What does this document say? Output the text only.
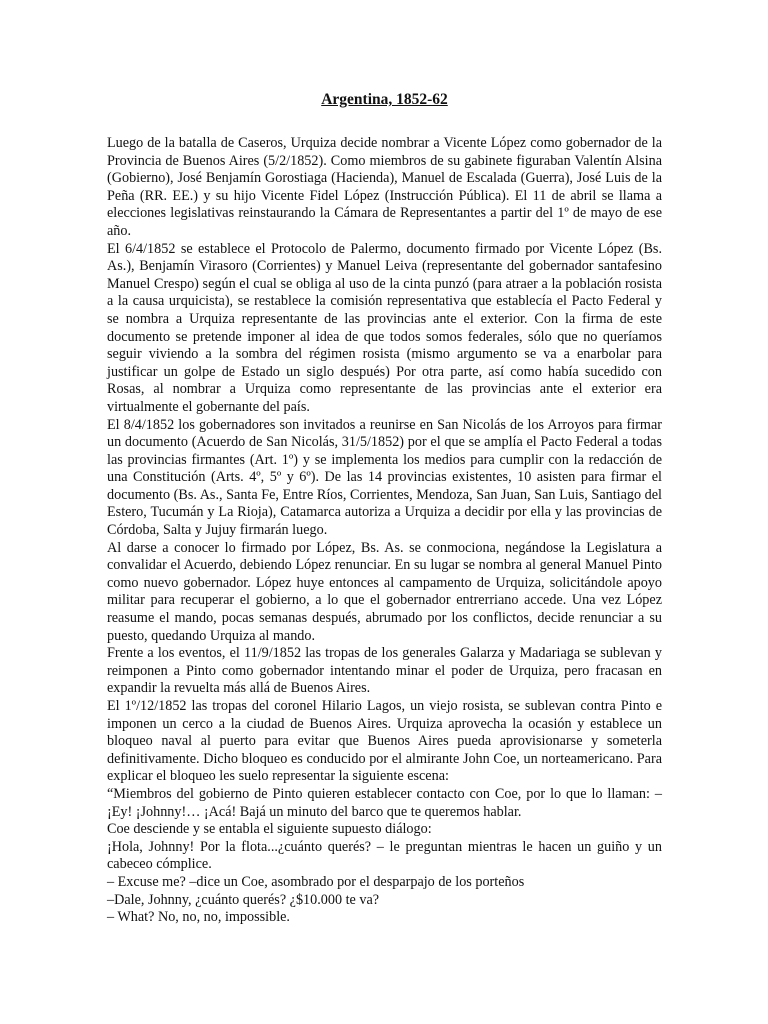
Argentina, 1852-62

Luego de la batalla de Caseros, Urquiza decide nombrar a Vicente López como gobernador de la Provincia de Buenos Aires (5/2/1852). Como miembros de su gabinete figuraban Valentín Alsina (Gobierno), José Benjamín Gorostiaga (Hacienda), Manuel de Escalada (Guerra), José Luis de la Peña (RR. EE.) y su hijo Vicente Fidel López (Instrucción Pública). El 11 de abril se llama a elecciones legislativas reinstaurando la Cámara de Representantes a partir del 1º de mayo de ese año.

El 6/4/1852 se establece el Protocolo de Palermo, documento firmado por Vicente López (Bs. As.), Benjamín Virasoro (Corrientes) y Manuel Leiva (representante del gobernador santafesino Manuel Crespo) según el cual se obliga al uso de la cinta punzó (para atraer a la población rosista a la causa urquicista), se restablece la comisión representativa que establecía el Pacto Federal y se nombra a Urquiza representante de las provincias ante el exterior. Con la firma de este documento se pretende imponer al idea de que todos somos federales, sólo que no queríamos seguir viviendo a la sombra del régimen rosista (mismo argumento se va a enarbolar para justificar un golpe de Estado un siglo después) Por otra parte, así como había sucedido con Rosas, al nombrar a Urquiza como representante de las provincias ante el exterior era virtualmente el gobernante del país.

El 8/4/1852 los gobernadores son invitados a reunirse en San Nicolás de los Arroyos para firmar un documento (Acuerdo de San Nicolás, 31/5/1852) por el que se amplía el Pacto Federal a todas las provincias firmantes (Art. 1º) y se implementa los medios para cumplir con la redacción de una Constitución (Arts. 4º, 5º y 6º). De las 14 provincias existentes, 10 asisten para firmar el documento (Bs. As., Santa Fe, Entre Ríos, Corrientes, Mendoza, San Juan, San Luis, Santiago del Estero, Tucumán y La Rioja), Catamarca autoriza a Urquiza a decidir por ella y las provincias de Córdoba, Salta y Jujuy firmarán luego.

Al darse a conocer lo firmado por López, Bs. As. se conmociona, negándose la Legislatura a convalidar el Acuerdo, debiendo López renunciar. En su lugar se nombra al general Manuel Pinto como nuevo gobernador. López huye entonces al campamento de Urquiza, solicitándole apoyo militar para recuperar el gobierno, a lo que el gobernador entrerriano accede. Una vez López reasume el mando, pocas semanas después, abrumado por los conflictos, decide renunciar a su puesto, quedando Urquiza al mando.

Frente a los eventos, el 11/9/1852 las tropas de los generales Galarza y Madariaga se sublevan y reimponen a Pinto como gobernador intentando minar el poder de Urquiza, pero fracasan en expandir la revuelta más allá de Buenos Aires.

El 1º/12/1852 las tropas del coronel Hilario Lagos, un viejo rosista, se sublevan contra Pinto e imponen un cerco a la ciudad de Buenos Aires. Urquiza aprovecha la ocasión y establece un bloqueo naval al puerto para evitar que Buenos Aires pueda aprovisionarse y someterla definitivamente. Dicho bloqueo es conducido por el almirante John Coe, un norteamericano. Para explicar el bloqueo les suelo representar la siguiente escena:

“Miembros del gobierno de Pinto quieren establecer contacto con Coe, por lo que lo llaman: –¡Ey! ¡Johnny!… ¡Acá! Bajá un minuto del barco que te queremos hablar.

Coe desciende y se entabla el siguiente supuesto diálogo:

¡Hola, Johnny! Por la flota...¿cuánto querés? – le preguntan mientras le hacen un guiño y un cabeceo cómplice.

– Excuse me? –dice un Coe, asombrado por el desparpajo de los porteños

–Dale, Johnny, ¿cuánto querés? ¿$10.000 te va?

– What? No, no, no, impossible.
